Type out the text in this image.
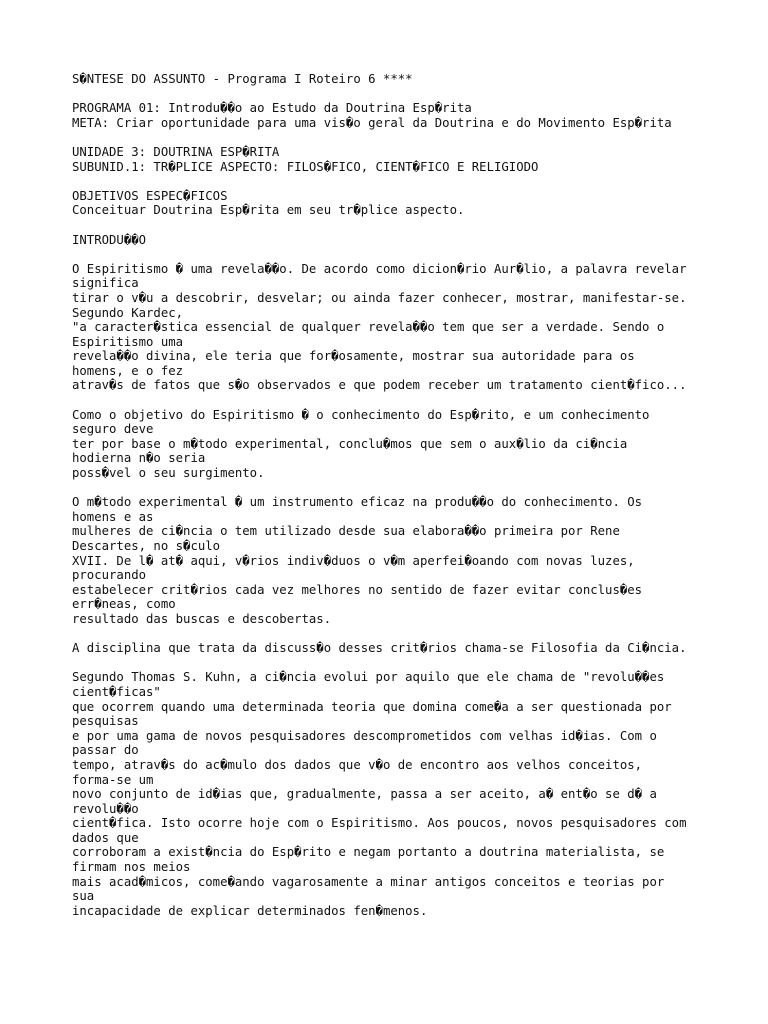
S�NTESE DO ASSUNTO - Programa I Roteiro 6 ****
PROGRAMA 01: Introdu��o ao Estudo da Doutrina Esp�rita
META: Criar oportunidade para uma vis�o geral da Doutrina e do Movimento Esp�rita
UNIDADE 3: DOUTRINA ESP�RITA
SUBUNID.1: TR�PLICE ASPECTO: FILOS�FICO, CIENT�FICO E RELIGIODO
OBJETIVOS ESPEC�FICOS
Conceituar Doutrina Esp�rita em seu tr�plice aspecto.
INTRODU��O
O Espiritismo � uma revela��o. De acordo como dicion�rio Aur�lio, a palavra revelar
significa
tirar o v�u a descobrir, desvelar; ou ainda fazer conhecer, mostrar, manifestar-se.
Segundo Kardec,
"a caracter�stica essencial de qualquer revela��o tem que ser a verdade. Sendo o
Espiritismo uma
revela��o divina, ele teria que for�osamente, mostrar sua autoridade para os
homens, e o fez
atrav�s de fatos que s�o observados e que podem receber um tratamento cient�fico...
Como o objetivo do Espiritismo � o conhecimento do Esp�rito, e um conhecimento
seguro deve
ter por base o m�todo experimental, conclu�mos que sem o aux�lio da ci�ncia
hodierna n�o seria
poss�vel o seu surgimento.
O m�todo experimental � um instrumento eficaz na produ��o do conhecimento. Os
homens e as
mulheres de ci�ncia o tem utilizado desde sua elabora��o primeira por Rene
Descartes, no s�culo
XVII. De l� at� aqui, v�rios indiv�duos o v�m aperfei�oando com novas luzes,
procurando
estabelecer crit�rios cada vez melhores no sentido de fazer evitar conclus�es
err�neas, como
resultado das buscas e descobertas.
A disciplina que trata da discuss�o desses crit�rios chama-se Filosofia da Ci�ncia.
Segundo Thomas S. Kuhn, a ci�ncia evolui por aquilo que ele chama de "revolu��es
cient�ficas"
que ocorrem quando uma determinada teoria que domina come�a a ser questionada por
pesquisas
e por uma gama de novos pesquisadores descomprometidos com velhas id�ias. Com o
passar do
tempo, atrav�s do ac�mulo dos dados que v�o de encontro aos velhos conceitos,
forma-se um
novo conjunto de id�ias que, gradualmente, passa a ser aceito, a� ent�o se d� a
revolu��o
cient�fica. Isto ocorre hoje com o Espiritismo. Aos poucos, novos pesquisadores com
dados que
corroboram a exist�ncia do Esp�rito e negam portanto a doutrina materialista, se
firmam nos meios
mais acad�micos, come�ando vagarosamente a minar antigos conceitos e teorias por
sua
incapacidade de explicar determinados fen�menos.
